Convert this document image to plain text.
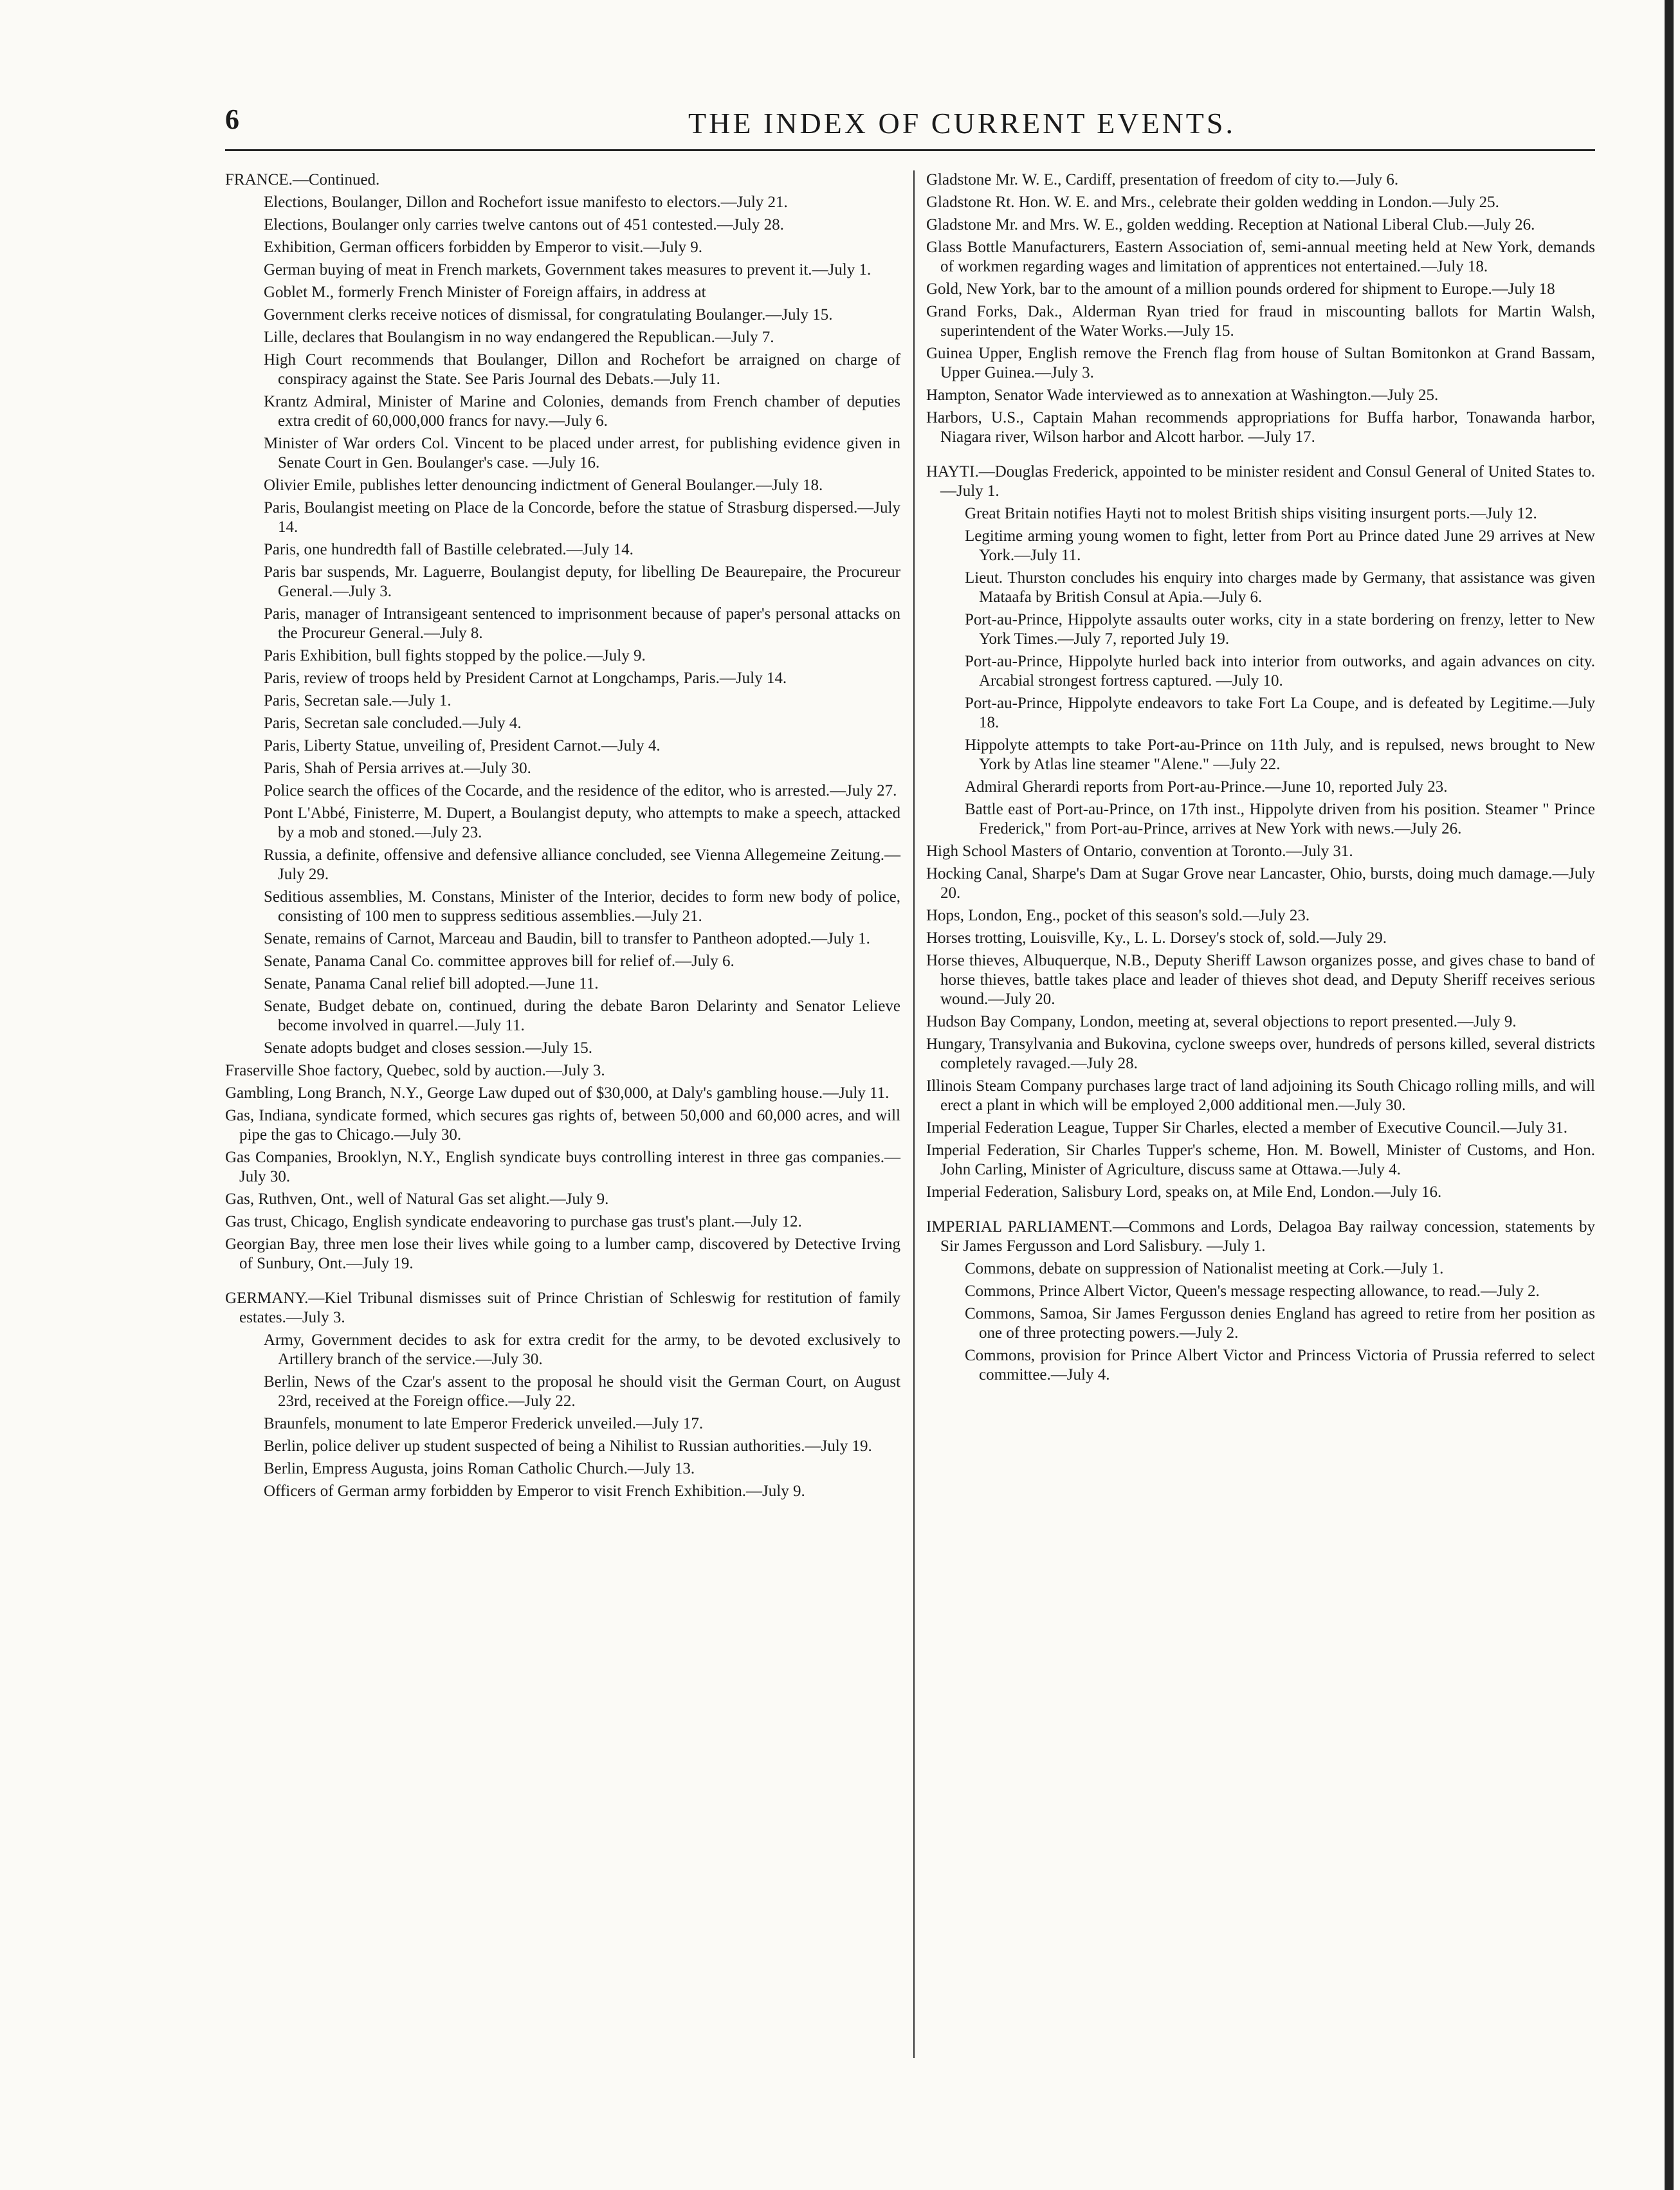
6	THE INDEX OF CURRENT EVENTS.
FRANCE.—Continued.
Elections, Boulanger, Dillon and Rochefort issue manifesto to electors.—July 21.
Elections, Boulanger only carries twelve cantons out of 451 contested.—July 28.
Exhibition, German officers forbidden by Emperor to visit.—July 9.
German buying of meat in French markets, Government takes measures to prevent it.—July 1.
Goblet M., formerly French Minister of Foreign affairs, in address at
Government clerks receive notices of dismissal, for congratulating Boulanger.—July 15.
Lille, declares that Boulangism in no way endangered the Republican.—July 7.
High Court recommends that Boulanger, Dillon and Rochefort be arraigned on charge of conspiracy against the State. See Paris Journal des Debats.—July 11.
Krantz Admiral, Minister of Marine and Colonies, demands from French chamber of deputies extra credit of 60,000,000 francs for navy.—July 6.
Minister of War orders Col. Vincent to be placed under arrest, for publishing evidence given in Senate Court in Gen. Boulanger's case. —July 16.
Olivier Emile, publishes letter denouncing indictment of General Boulanger.—July 18.
Paris, Boulangist meeting on Place de la Concorde, before the statue of Strasburg dispersed.—July 14.
Paris, one hundredth fall of Bastille celebrated.—July 14.
Paris bar suspends, Mr. Laguerre, Boulangist deputy, for libelling De Beaurepaire, the Procureur General.—July 3.
Paris, manager of Intransigeant sentenced to imprisonment because of paper's personal attacks on the Procureur General.—July 8.
Paris Exhibition, bull fights stopped by the police.—July 9.
Paris, review of troops held by President Carnot at Longchamps, Paris.—July 14.
Paris, Secretan sale.—July 1.
Paris, Secretan sale concluded.—July 4.
Paris, Liberty Statue, unveiling of, President Carnot.—July 4.
Paris, Shah of Persia arrives at.—July 30.
Police search the offices of the Cocarde, and the residence of the editor, who is arrested.—July 27.
Pont L'Abbé, Finisterre, M. Dupert, a Boulangist deputy, who attempts to make a speech, attacked by a mob and stoned.—July 23.
Russia, a definite, offensive and defensive alliance concluded, see Vienna Allegemeine Zeitung.—July 29.
Seditious assemblies, M. Constans, Minister of the Interior, decides to form new body of police, consisting of 100 men to suppress seditious assemblies.—July 21.
Senate, remains of Carnot, Marceau and Baudin, bill to transfer to Pantheon adopted.—July 1.
Senate, Panama Canal Co. committee approves bill for relief of.—July 6.
Senate, Panama Canal relief bill adopted.—June 11.
Senate, Budget debate on, continued, during the debate Baron Delarinty and Senator Lelieve become involved in quarrel.—July 11.
Senate adopts budget and closes session.—July 15.
Fraserville Shoe factory, Quebec, sold by auction.—July 3.
Gambling, Long Branch, N.Y., George Law duped out of $30,000, at Daly's gambling house.—July 11.
Gas, Indiana, syndicate formed, which secures gas rights of, between 50,000 and 60,000 acres, and will pipe the gas to Chicago.—July 30.
Gas Companies, Brooklyn, N.Y., English syndicate buys controlling interest in three gas companies.—July 30.
Gas, Ruthven, Ont., well of Natural Gas set alight.—July 9.
Gas trust, Chicago, English syndicate endeavoring to purchase gas trust's plant.—July 12.
Georgian Bay, three men lose their lives while going to a lumber camp, discovered by Detective Irving of Sunbury, Ont.—July 19.
GERMANY.—Kiel Tribunal dismisses suit of Prince Christian of Schleswig for restitution of family estates.—July 3.
Army, Government decides to ask for extra credit for the army, to be devoted exclusively to Artillery branch of the service.—July 30.
Berlin, News of the Czar's assent to the proposal he should visit the German Court, on August 23rd, received at the Foreign office.—July 22.
Braunfels, monument to late Emperor Frederick unveiled.—July 17.
Berlin, police deliver up student suspected of being a Nihilist to Russian authorities.—July 19.
Berlin, Empress Augusta, joins Roman Catholic Church.—July 13.
Officers of German army forbidden by Emperor to visit French Exhibition.—July 9.
Gladstone Mr. W. E., Cardiff, presentation of freedom of city to.—July 6.
Gladstone Rt. Hon. W. E. and Mrs., celebrate their golden wedding in London.—July 25.
Gladstone Mr. and Mrs. W. E., golden wedding. Reception at National Liberal Club.—July 26.
Glass Bottle Manufacturers, Eastern Association of, semi-annual meeting held at New York, demands of workmen regarding wages and limitation of apprentices not entertained.—July 18.
Gold, New York, bar to the amount of a million pounds ordered for shipment to Europe.—July 18
Grand Forks, Dak., Alderman Ryan tried for fraud in miscounting ballots for Martin Walsh, superintendent of the Water Works.—July 15.
Guinea Upper, English remove the French flag from house of Sultan Bomitonkon at Grand Bassam, Upper Guinea.—July 3.
Hampton, Senator Wade interviewed as to annexation at Washington.—July 25.
Harbors, U.S., Captain Mahan recommends appropriations for Buffa harbor, Tonawanda harbor, Niagara river, Wilson harbor and Alcott harbor. —July 17.
HAYTI.—Douglas Frederick, appointed to be minister resident and Consul General of United States to.—July 1.
Great Britain notifies Hayti not to molest British ships visiting insurgent ports.—July 12.
Legitime arming young women to fight, letter from Port au Prince dated June 29 arrives at New York.—July 11.
Lieut. Thurston concludes his enquiry into charges made by Germany, that assistance was given Mataafa by British Consul at Apia.—July 6.
Port-au-Prince, Hippolyte assaults outer works, city in a state bordering on frenzy, letter to New York Times.—July 7, reported July 19.
Port-au-Prince, Hippolyte hurled back into interior from outworks, and again advances on city. Arcabial strongest fortress captured. —July 10.
Port-au-Prince, Hippolyte endeavors to take Fort La Coupe, and is defeated by Legitime.—July 18.
Hippolyte attempts to take Port-au-Prince on 11th July, and is repulsed, news brought to New York by Atlas line steamer "Alene." —July 22.
Admiral Gherardi reports from Port-au-Prince.—June 10, reported July 23.
Battle east of Port-au-Prince, on 17th inst., Hippolyte driven from his position. Steamer " Prince Frederick," from Port-au-Prince, arrives at New York with news.—July 26.
High School Masters of Ontario, convention at Toronto.—July 31.
Hocking Canal, Sharpe's Dam at Sugar Grove near Lancaster, Ohio, bursts, doing much damage.—July 20.
Hops, London, Eng., pocket of this season's sold.—July 23.
Horses trotting, Louisville, Ky., L. L. Dorsey's stock of, sold.—July 29.
Horse thieves, Albuquerque, N.B., Deputy Sheriff Lawson organizes posse, and gives chase to band of horse thieves, battle takes place and leader of thieves shot dead, and Deputy Sheriff receives serious wound.—July 20.
Hudson Bay Company, London, meeting at, several objections to report presented.—July 9.
Hungary, Transylvania and Bukovina, cyclone sweeps over, hundreds of persons killed, several districts completely ravaged.—July 28.
Illinois Steam Company purchases large tract of land adjoining its South Chicago rolling mills, and will erect a plant in which will be employed 2,000 additional men.—July 30.
Imperial Federation League, Tupper Sir Charles, elected a member of Executive Council.—July 31.
Imperial Federation, Sir Charles Tupper's scheme, Hon. M. Bowell, Minister of Customs, and Hon. John Carling, Minister of Agriculture, discuss same at Ottawa.—July 4.
Imperial Federation, Salisbury Lord, speaks on, at Mile End, London.—July 16.
IMPERIAL PARLIAMENT.—Commons and Lords, Delagoa Bay railway concession, statements by Sir James Fergusson and Lord Salisbury. —July 1.
Commons, debate on suppression of Nationalist meeting at Cork.—July 1.
Commons, Prince Albert Victor, Queen's message respecting allowance, to read.—July 2.
Commons, Samoa, Sir James Fergusson denies England has agreed to retire from her position as one of three protecting powers.—July 2.
Commons, provision for Prince Albert Victor and Princess Victoria of Prussia referred to select committee.—July 4.
